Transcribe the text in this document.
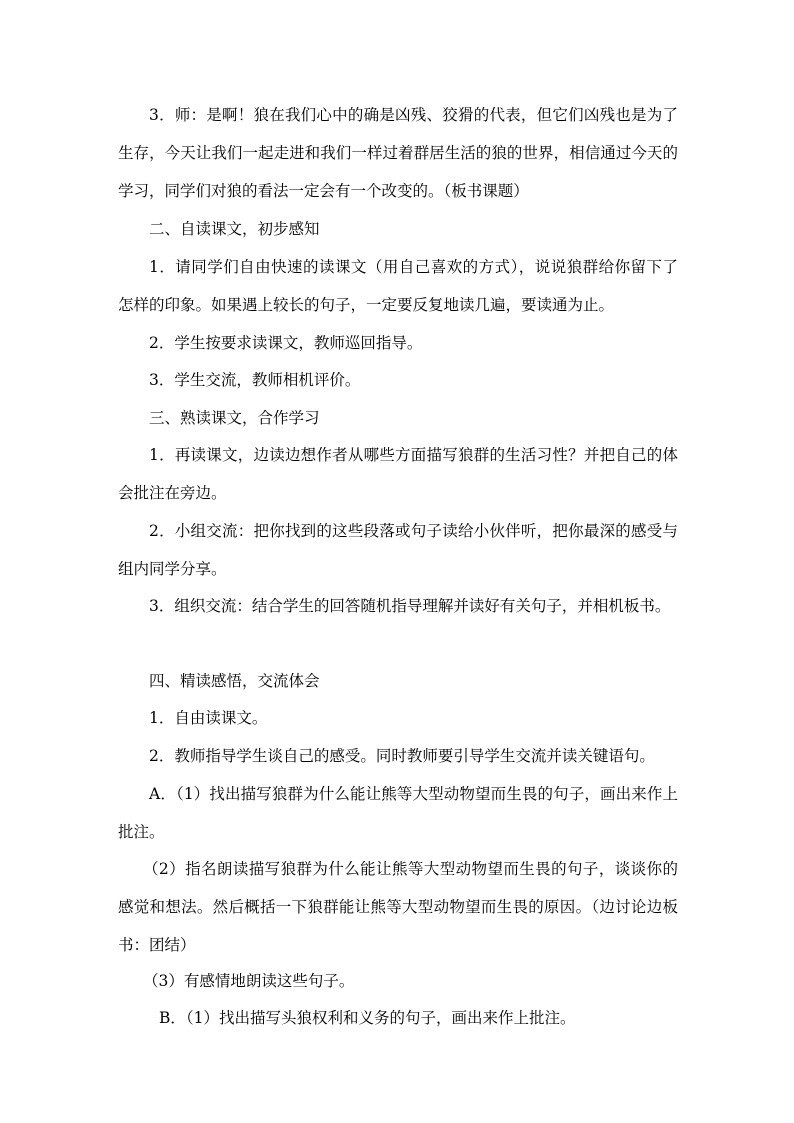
3．师：是啊！狼在我们心中的确是凶残、狡猾的代表，但它们凶残也是为了生存，今天让我们一起走进和我们一样过着群居生活的狼的世界，相信通过今天的学习，同学们对狼的看法一定会有一个改变的。（板书课题）

二、自读课文，初步感知

1．请同学们自由快速的读课文（用自己喜欢的方式），说说狼群给你留下了怎样的印象。如果遇上较长的句子，一定要反复地读几遍，要读通为止。

2．学生按要求读课文，教师巡回指导。

3．学生交流，教师相机评价。

三、熟读课文，合作学习

1．再读课文，边读边想作者从哪些方面描写狼群的生活习性？并把自己的体会批注在旁边。

2．小组交流：把你找到的这些段落或句子读给小伙伴听，把你最深的感受与组内同学分享。

3．组织交流：结合学生的回答随机指导理解并读好有关句子，并相机板书。

四、精读感悟，交流体会

1．自由读课文。

2．教师指导学生谈自己的感受。同时教师要引导学生交流并读关键语句。

A．（1）找出描写狼群为什么能让熊等大型动物望而生畏的句子，画出来作上批注。

（2）指名朗读描写狼群为什么能让熊等大型动物望而生畏的句子，谈谈你的感觉和想法。然后概括一下狼群能让熊等大型动物望而生畏的原因。（边讨论边板书：团结）

（3）有感情地朗读这些句子。

B．（1）找出描写头狼权利和义务的句子，画出来作上批注。
